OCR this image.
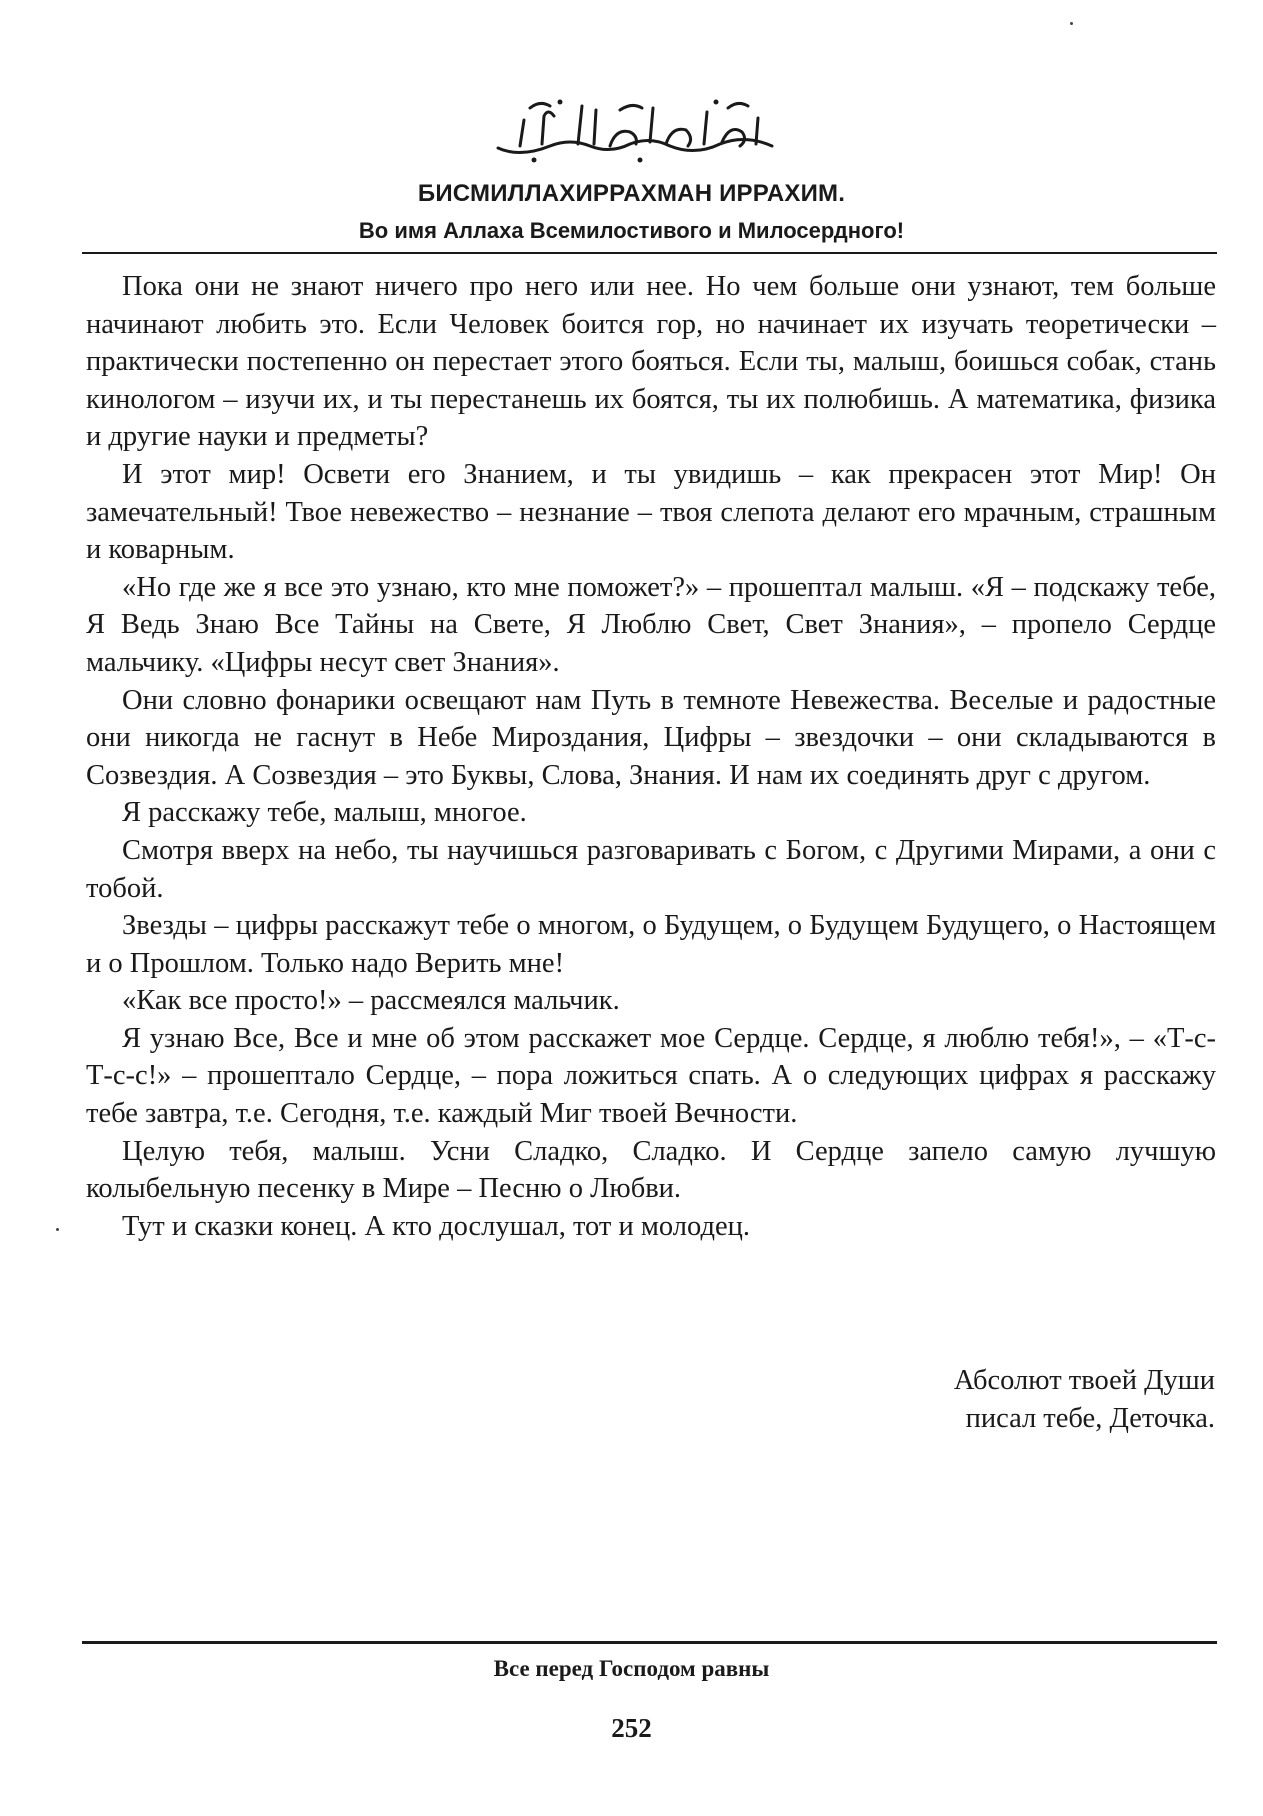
БИСМИЛЛАХИРРАХМАН ИРРАХИМ.
Во имя Аллаха Всемилостивого и Милосердного!

Пока они не знают ничего про него или нее. Но чем больше они узнают, тем больше начинают любить это. Если Человек боится гор, но начинает их изучать теоретически – практически постепенно он перестает этого бояться. Если ты, малыш, боишься собак, стань кинологом – изучи их, и ты перестанешь их боятся, ты их полюбишь. А математика, физика и другие науки и предметы?

И этот мир! Освети его Знанием, и ты увидишь – как прекрасен этот Мир! Он замечательный! Твое невежество – незнание – твоя слепота делают его мрачным, страшным и коварным.

«Но где же я все это узнаю, кто мне поможет?» – прошептал малыш. «Я – подскажу тебе, Я Ведь Знаю Все Тайны на Свете, Я Люблю Свет, Свет Знания», – пропело Сердце мальчику. «Цифры несут свет Знания».

Они словно фонарики освещают нам Путь в темноте Невежества. Веселые и радостные они никогда не гаснут в Небе Мироздания, Цифры – звездочки – они складываются в Созвездия. А Созвездия – это Буквы, Слова, Знания. И нам их соединять друг с другом.

Я расскажу тебе, малыш, многое.

Смотря вверх на небо, ты научишься разговаривать с Богом, с Другими Мирами, а они с тобой.

Звезды – цифры расскажут тебе о многом, о Будущем, о Будущем Будущего, о Настоящем и о Прошлом. Только надо Верить мне!

«Как все просто!» – рассмеялся мальчик.

Я узнаю Все, Все и мне об этом расскажет мое Сердце. Сердце, я люблю тебя!», – «Т-с-Т-с-с!» – прошептало Сердце, – пора ложиться спать. А о следующих цифрах я расскажу тебе завтра, т.е. Сегодня, т.е. каждый Миг твоей Вечности.

Целую тебя, малыш. Усни Сладко, Сладко. И Сердце запело самую лучшую колыбельную песенку в Мире – Песню о Любви.

Тут и сказки конец. А кто дослушал, тот и молодец.

Абсолют твоей Души
писал тебе, Деточка.
Все перед Господом равны
252
